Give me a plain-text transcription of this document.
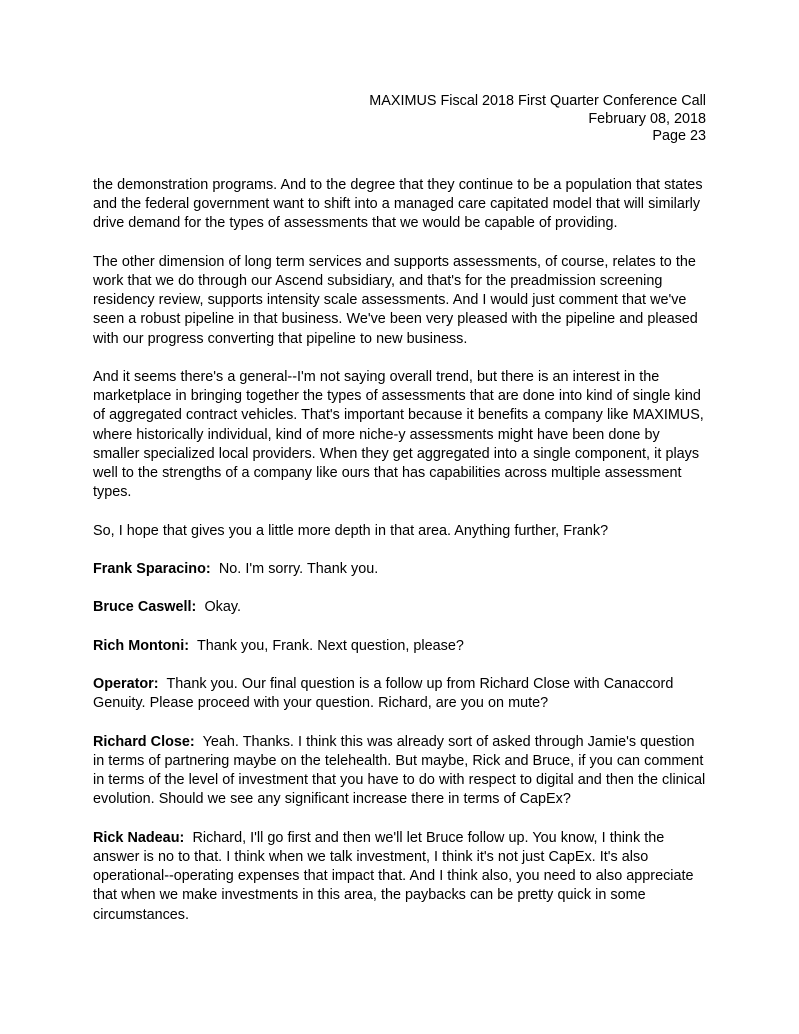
MAXIMUS Fiscal 2018 First Quarter Conference Call
February 08, 2018
Page 23
the demonstration programs. And to the degree that they continue to be a population that states and the federal government want to shift into a managed care capitated model that will similarly drive demand for the types of assessments that we would be capable of providing.
The other dimension of long term services and supports assessments, of course, relates to the work that we do through our Ascend subsidiary, and that's for the preadmission screening residency review, supports intensity scale assessments. And I would just comment that we've seen a robust pipeline in that business. We've been very pleased with the pipeline and pleased with our progress converting that pipeline to new business.
And it seems there's a general--I'm not saying overall trend, but there is an interest in the marketplace in bringing together the types of assessments that are done into kind of single kind of aggregated contract vehicles. That's important because it benefits a company like MAXIMUS, where historically individual, kind of more niche-y assessments might have been done by smaller specialized local providers. When they get aggregated into a single component, it plays well to the strengths of a company like ours that has capabilities across multiple assessment types.
So, I hope that gives you a little more depth in that area. Anything further, Frank?
Frank Sparacino: No. I'm sorry. Thank you.
Bruce Caswell: Okay.
Rich Montoni: Thank you, Frank. Next question, please?
Operator: Thank you. Our final question is a follow up from Richard Close with Canaccord Genuity. Please proceed with your question. Richard, are you on mute?
Richard Close: Yeah. Thanks. I think this was already sort of asked through Jamie's question in terms of partnering maybe on the telehealth. But maybe, Rick and Bruce, if you can comment in terms of the level of investment that you have to do with respect to digital and then the clinical evolution. Should we see any significant increase there in terms of CapEx?
Rick Nadeau: Richard, I'll go first and then we'll let Bruce follow up. You know, I think the answer is no to that. I think when we talk investment, I think it's not just CapEx. It's also operational--operating expenses that impact that. And I think also, you need to also appreciate that when we make investments in this area, the paybacks can be pretty quick in some circumstances.
